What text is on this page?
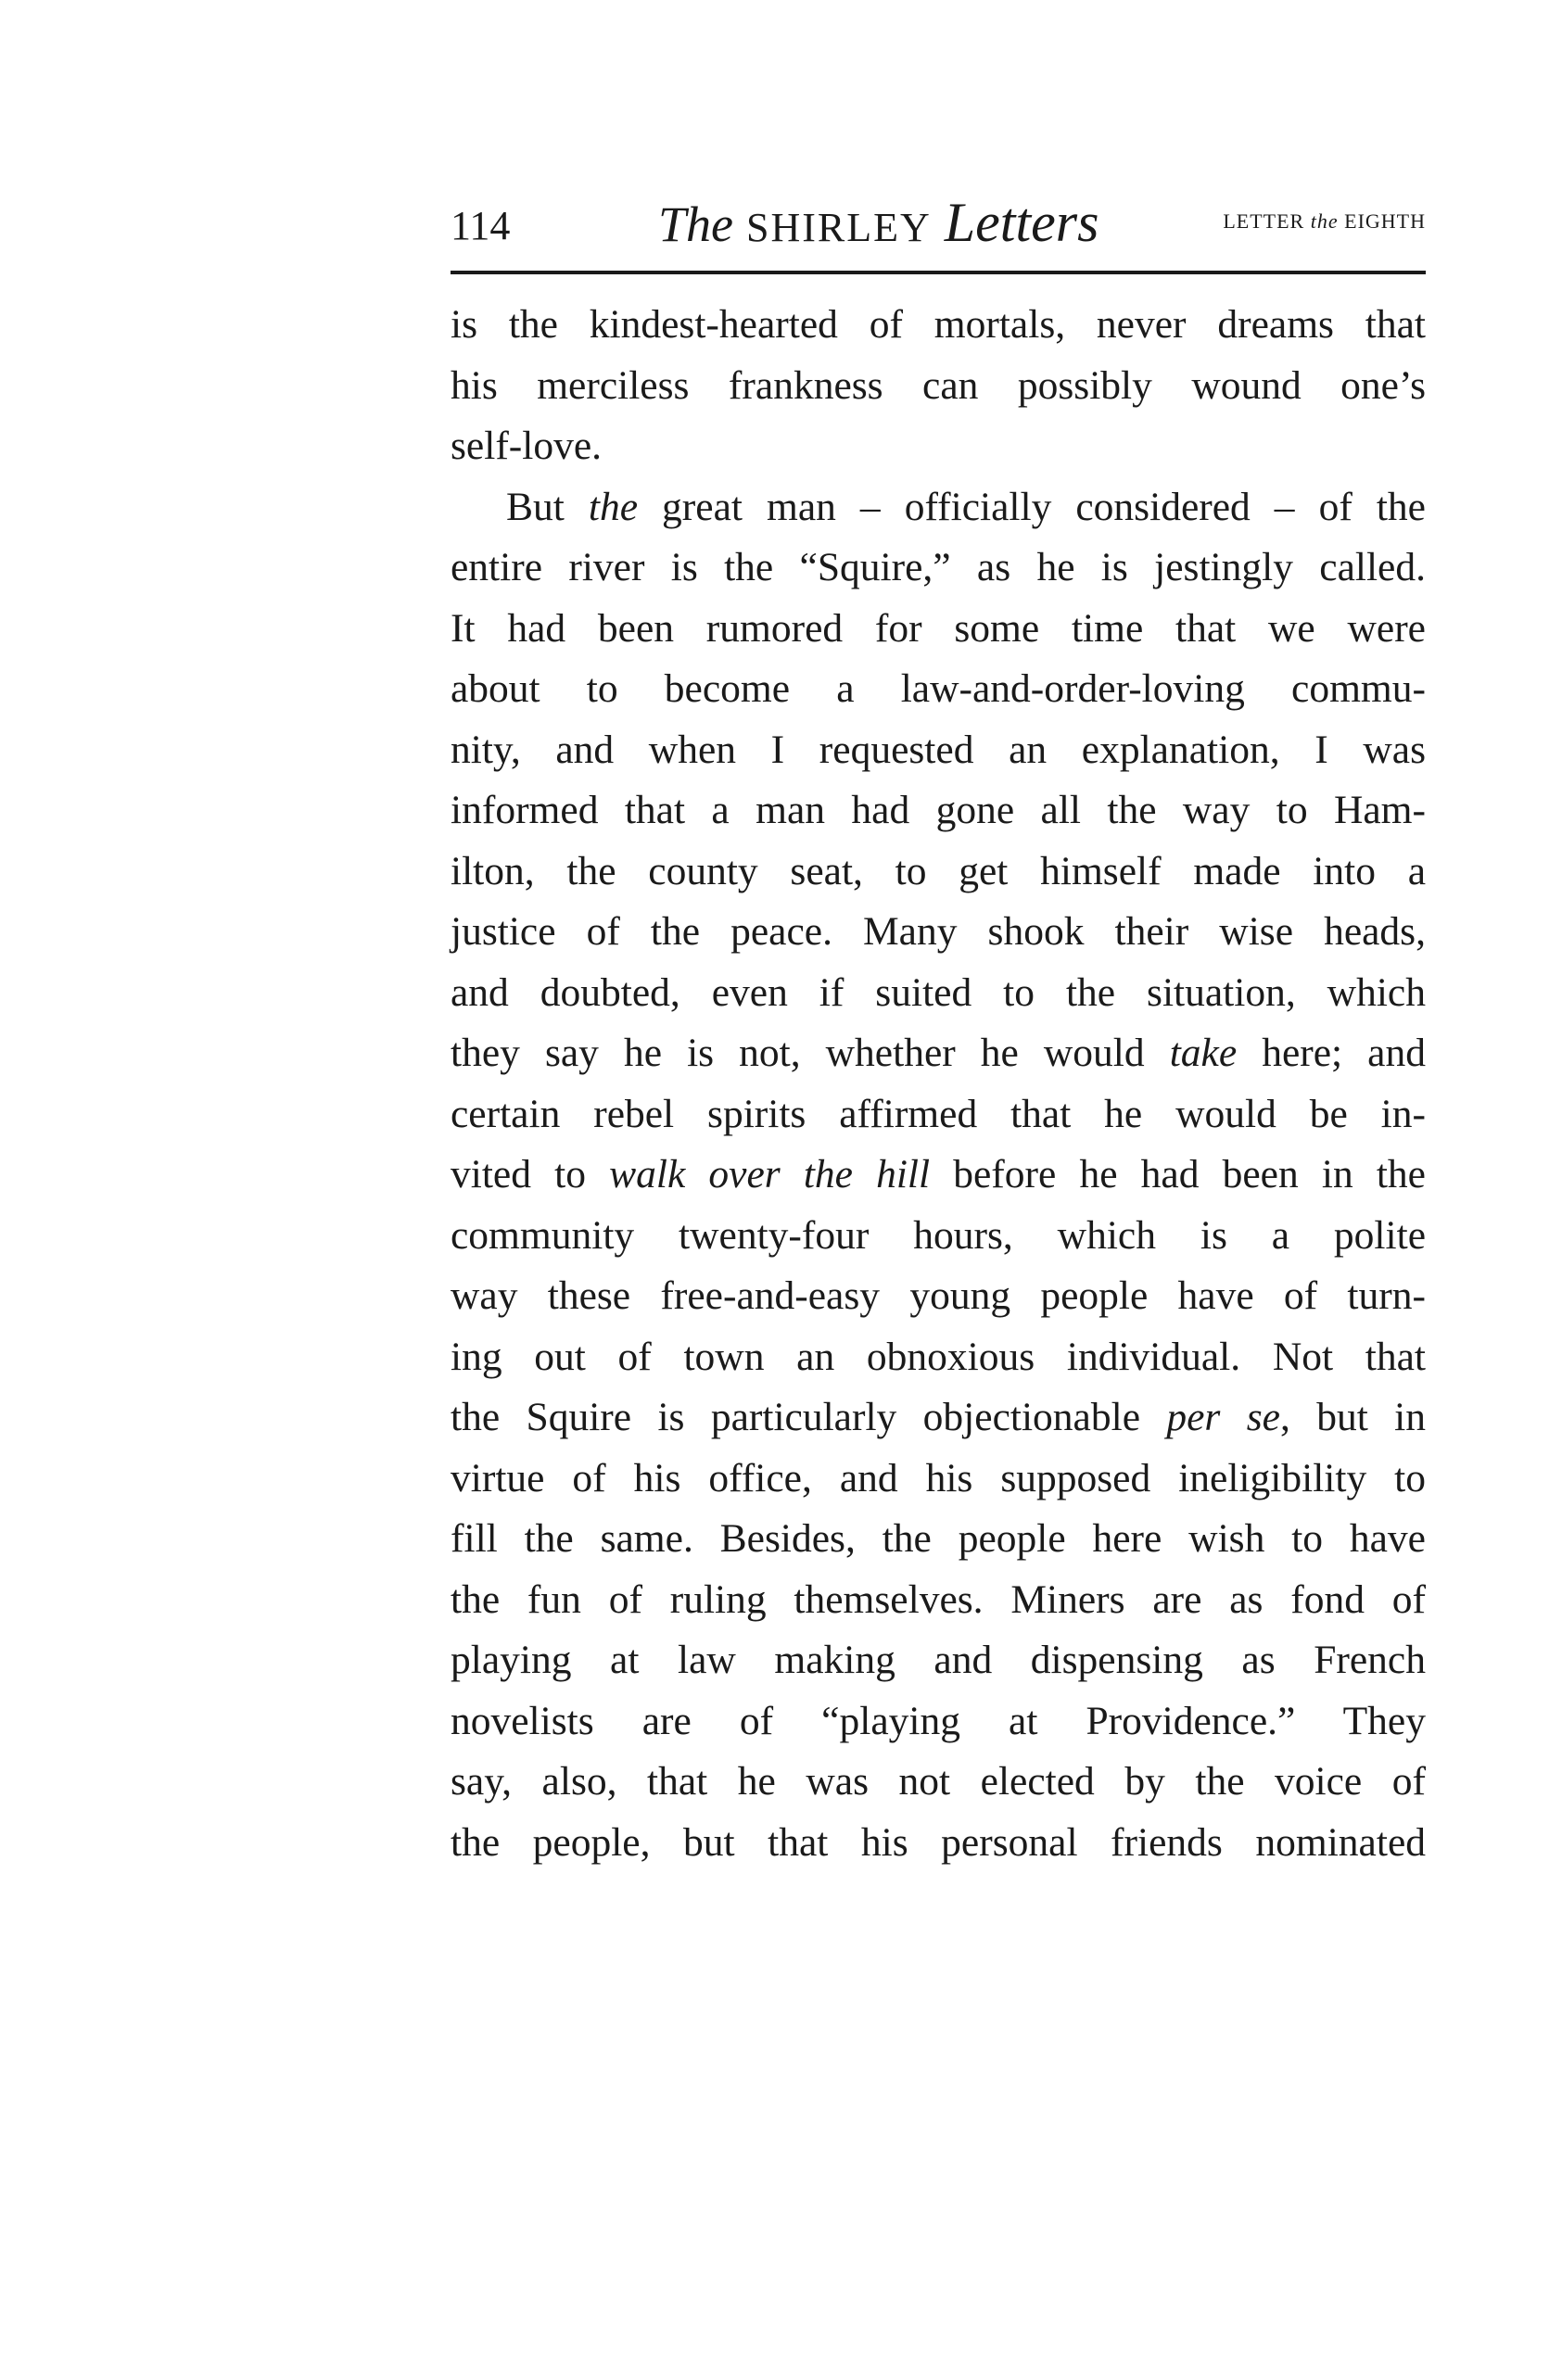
114	The SHIRLEY Letters	LETTER the EIGHTH
is the kindest-hearted of mortals, never dreams that
his merciless frankness can possibly wound one’s
self-love.
But the great man – officially considered – of the
entire river is the “Squire,” as he is jestingly called.
It had been rumored for some time that we were
about to become a law-and-order-loving commu-
nity, and when I requested an explanation, I was
informed that a man had gone all the way to Ham-
ilton, the county seat, to get himself made into a
justice of the peace. Many shook their wise heads,
and doubted, even if suited to the situation, which
they say he is not, whether he would take here; and
certain rebel spirits affirmed that he would be in-
vited to walk over the hill before he had been in the
community twenty-four hours, which is a polite
way these free-and-easy young people have of turn-
ing out of town an obnoxious individual. Not that
the Squire is particularly objectionable per se, but in
virtue of his office, and his supposed ineligibility to
fill the same. Besides, the people here wish to have
the fun of ruling themselves. Miners are as fond of
playing at law making and dispensing as French
novelists are of “playing at Providence.” They
say, also, that he was not elected by the voice of
the people, but that his personal friends nominated
